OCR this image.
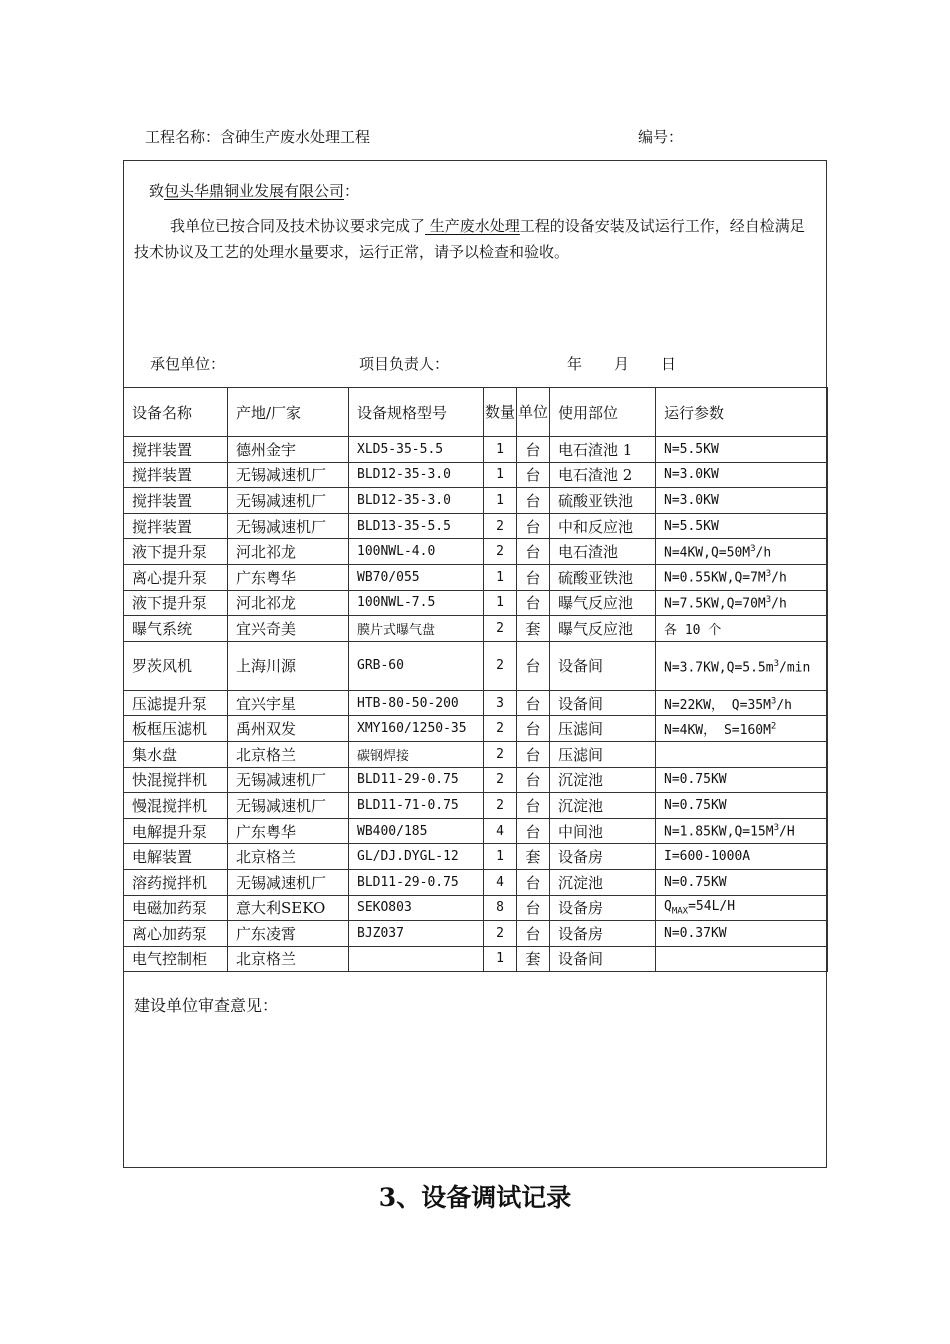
工程名称：含砷生产废水处理工程	编号：
致包头华鼎铜业发展有限公司：
我单位已按合同及技术协议要求完成了 生产废水处理工程的设备安装及试运行工作，经自检满足技术协议及工艺的处理水量要求，运行正常，请予以检查和验收。
承包单位：	项目负责人：	年 月 日
设备名称	产地/厂家	设备规格型号	数量	单位	使用部位	运行参数
搅拌装置	德州金宇	XLD5-35-5.5	1	台	电石渣池 1	N=5.5KW
搅拌装置	无锡减速机厂	BLD12-35-3.0	1	台	电石渣池 2	N=3.0KW
搅拌装置	无锡减速机厂	BLD12-35-3.0	1	台	硫酸亚铁池	N=3.0KW
搅拌装置	无锡减速机厂	BLD13-35-5.5	2	台	中和反应池	N=5.5KW
液下提升泵	河北祁龙	100NWL-4.0	2	台	电石渣池	$N=4KW,Q=50M^3/h$
离心提升泵	广东粤华	WB70/055	1	台	硫酸亚铁池	$N=0.55KW,Q=7M^3/h$
液下提升泵	河北祁龙	100NWL-7.5	1	台	曝气反应池	$N=7.5KW,Q=70M^3/h$
曝气系统	宜兴奇美	膜片式曝气盘	2	套	曝气反应池	各 10 个
罗茨风机	上海川源	GRB-60	2	台	设备间	$N=3.7KW,Q=5.5m^3/\min$
压滤提升泵	宜兴宇星	HTB-80-50-200	3	台	设备间	N=22KW， $Q=35M^3/h$
板框压滤机	禹州双发	XMY160/1250-35	2	台	压滤间	N=4KW， $S=160M^2$
集水盘	北京格兰	碳钢焊接	2	台	压滤间	
快混搅拌机	无锡减速机厂	BLD11-29-0.75	2	台	沉淀池	N=0.75KW
慢混搅拌机	无锡减速机厂	BLD11-71-0.75	2	台	沉淀池	N=0.75KW
电解提升泵	广东粤华	WB400/185	4	台	中间池	$N=1.85KW,Q=15M^3/H$
电解装置	北京格兰	GL/DJ.DYGL-12	1	套	设备房	I=600-1000A
溶药搅拌机	无锡减速机厂	BLD11-29-0.75	4	台	沉淀池	N=0.75KW
电磁加药泵	意大利SEKO	SEKO803	8	台	设备房	$Q_{MAX}=54L/H$
离心加药泵	广东凌霄	BJZ037	2	台	设备房	N=0.37KW
电气控制柜	北京格兰		1	套	设备间	
建设单位审查意见：
3、设备调试记录
